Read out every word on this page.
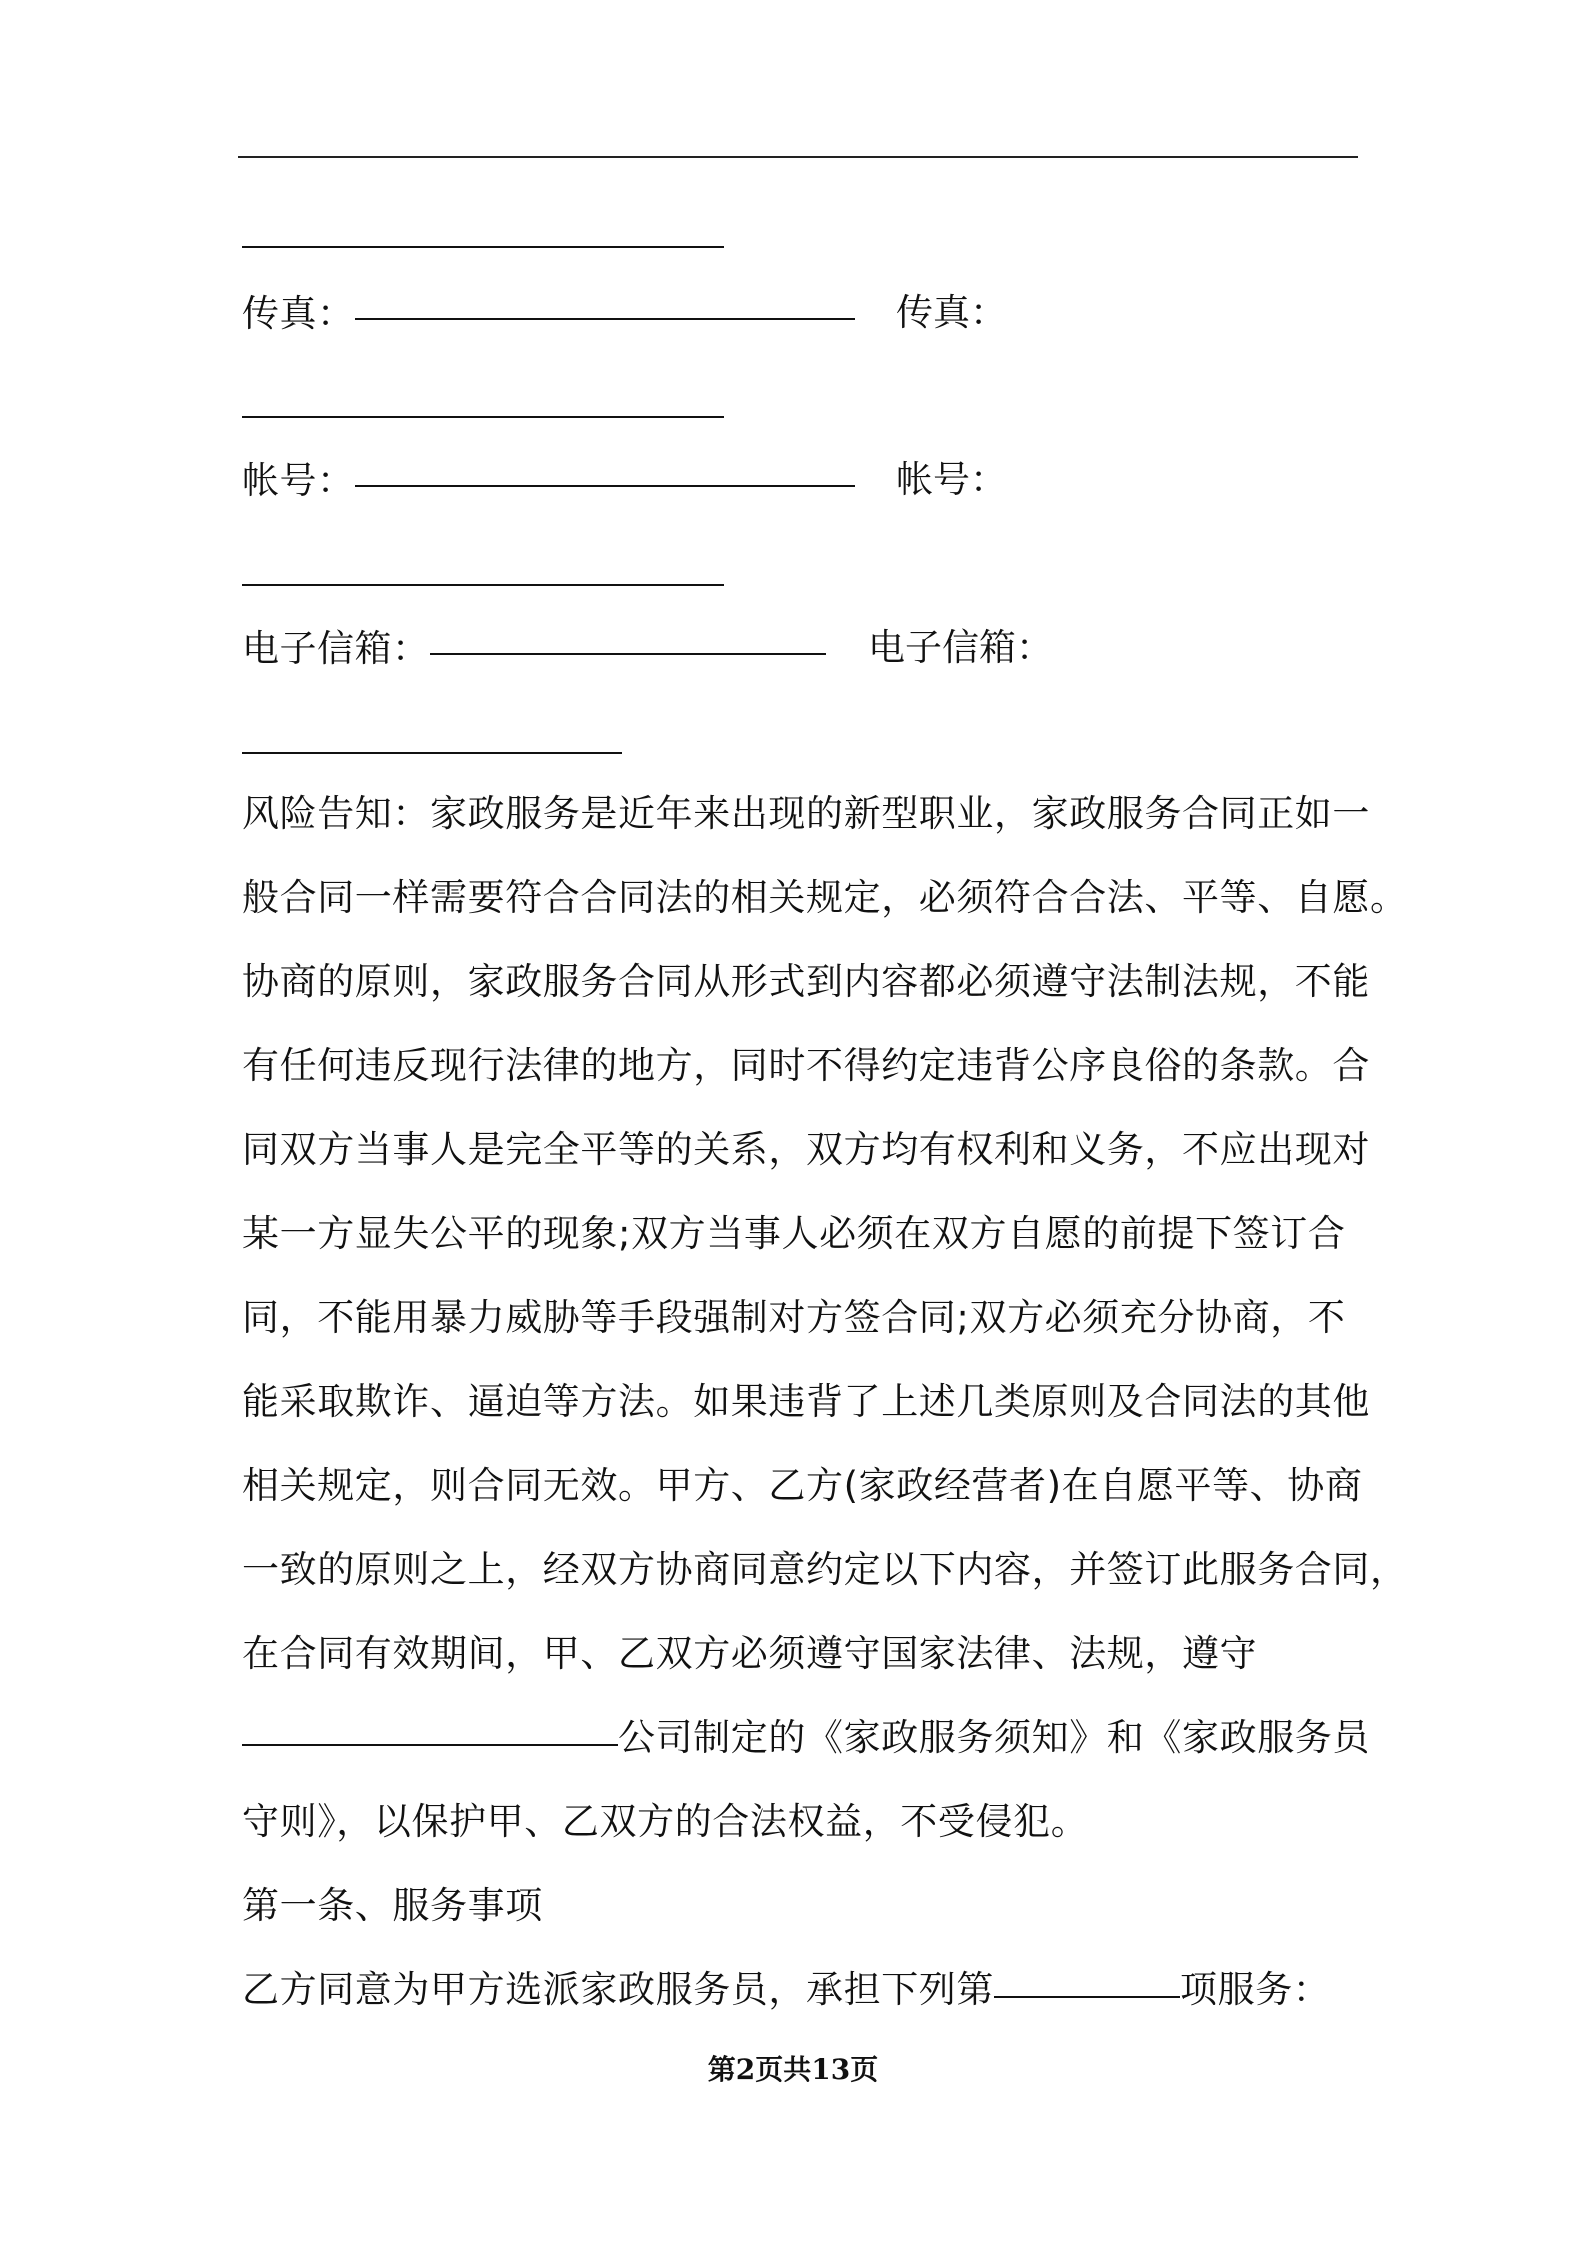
传真：	传真：
帐号：	帐号：
电子信箱：	电子信箱：
风险告知：家政服务是近年来出现的新型职业，家政服务合同正如一
般合同一样需要符合合同法的相关规定，必须符合合法、平等、自愿。
协商的原则，家政服务合同从形式到内容都必须遵守法制法规，不能
有任何违反现行法律的地方，同时不得约定违背公序良俗的条款。合
同双方当事人是完全平等的关系，双方均有权利和义务，不应出现对
某一方显失公平的现象;双方当事人必须在双方自愿的前提下签订合
同，不能用暴力威胁等手段强制对方签合同;双方必须充分协商，不
能采取欺诈、逼迫等方法。如果违背了上述几类原则及合同法的其他
相关规定，则合同无效。甲方、乙方(家政经营者)在自愿平等、协商
一致的原则之上，经双方协商同意约定以下内容，并签订此服务合同，
在合同有效期间，甲、乙双方必须遵守国家法律、法规，遵守
公司制定的《家政服务须知》和《家政服务员
守则》，以保护甲、乙双方的合法权益，不受侵犯。
第一条、服务事项
乙方同意为甲方选派家政服务员，承担下列第	项服务：
第2页共13页
